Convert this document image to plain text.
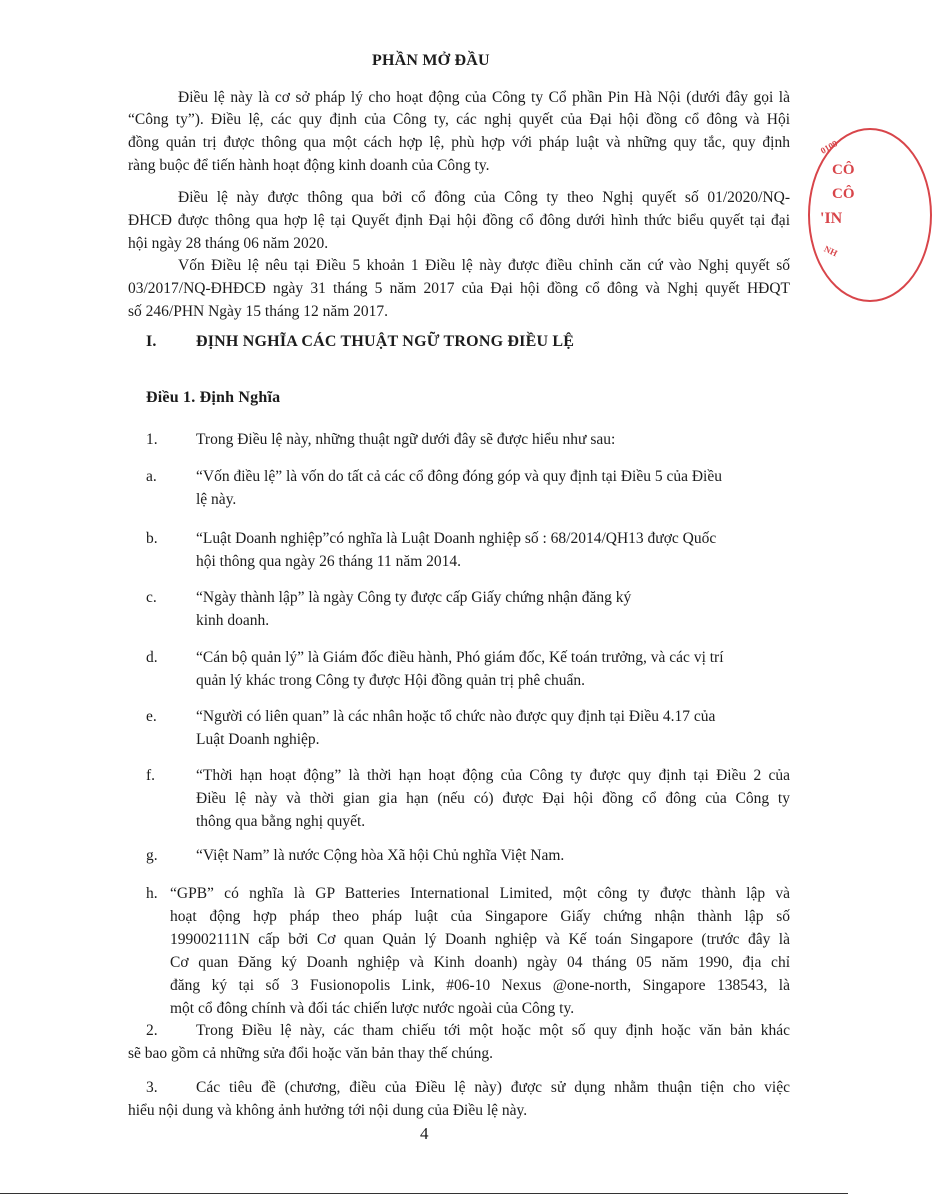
PHẦN MỞ ĐẦU
Điều lệ này là cơ sở pháp lý cho hoạt động của Công ty Cổ phần Pin Hà Nội (dưới đây gọi là
“Công ty”). Điều lệ, các quy định của Công ty, các nghị quyết của Đại hội đồng cổ đông và Hội
đồng quản trị được thông qua một cách hợp lệ, phù hợp với pháp luật và những quy tắc, quy định
ràng buộc để tiến hành hoạt động kinh doanh của Công ty.
Điều lệ này được thông qua bởi cổ đông của Công ty theo Nghị quyết số 01/2020/NQ-
ĐHCĐ được thông qua hợp lệ tại Quyết định Đại hội đồng cổ đông dưới hình thức biểu quyết tại đại
hội ngày 28 tháng 06 năm 2020.
Vốn Điều lệ nêu tại Điều 5 khoản 1 Điều lệ này được điều chỉnh căn cứ vào Nghị quyết số
03/2017/NQ-ĐHĐCĐ ngày 31 tháng 5 năm 2017 của Đại hội đồng cổ đông và Nghị quyết HĐQT
số 246/PHN Ngày 15 tháng 12 năm 2017.
I. ĐỊNH NGHĨA CÁC THUẬT NGỮ TRONG ĐIỀU LỆ
Điều 1. Định Nghĩa
1. Trong Điều lệ này, những thuật ngữ dưới đây sẽ được hiểu như sau:
a.	“Vốn điều lệ” là vốn do tất cả các cổ đông đóng góp và quy định tại Điều 5 của Điều
lệ này.
b. “Luật Doanh nghiệp”có nghĩa là Luật Doanh nghiệp số : 68/2014/QH13 được Quốc
hội thông qua ngày 26 tháng 11 năm 2014.
c.	“Ngày thành lập” là ngày Công ty được cấp Giấy chứng nhận đăng ký
kinh doanh.
d. “Cán bộ quản lý” là Giám đốc điều hành, Phó giám đốc, Kế toán trưởng, và các vị trí
quản lý khác trong Công ty được Hội đồng quản trị phê chuẩn.
e.	“Người có liên quan” là các nhân hoặc tổ chức nào được quy định tại Điều 4.17 của
Luật Doanh nghiệp.
f.	“Thời hạn hoạt động” là thời hạn hoạt động của Công ty được quy định tại Điều 2 của
Điều lệ này và thời gian gia hạn (nếu có) được Đại hội đồng cổ đông của Công ty
thông qua bằng nghị quyết.
g. “Việt Nam” là nước Cộng hòa Xã hội Chủ nghĩa Việt Nam.
h. “GPB” có nghĩa là GP Batteries International Limited, một công ty được thành lập và
hoạt động hợp pháp theo pháp luật của Singapore Giấy chứng nhận thành lập số
199002111N cấp bởi Cơ quan Quản lý Doanh nghiệp và Kế toán Singapore (trước đây là
Cơ quan Đăng ký Doanh nghiệp và Kinh doanh) ngày 04 tháng 05 năm 1990, địa chỉ
đăng ký tại số 3 Fusionopolis Link, #06-10 Nexus @one-north, Singapore 138543, là
một cổ đông chính và đối tác chiến lược nước ngoài của Công ty.
2. Trong Điều lệ này, các tham chiếu tới một hoặc một số quy định hoặc văn bản khác
sẽ bao gồm cả những sửa đổi hoặc văn bản thay thế chúng.
3. Các tiêu đề (chương, điều của Điều lệ này) được sử dụng nhằm thuận tiện cho việc
hiểu nội dung và không ảnh hưởng tới nội dung của Điều lệ này.
4
0109
CÔ
CÔ
'IN
NH
